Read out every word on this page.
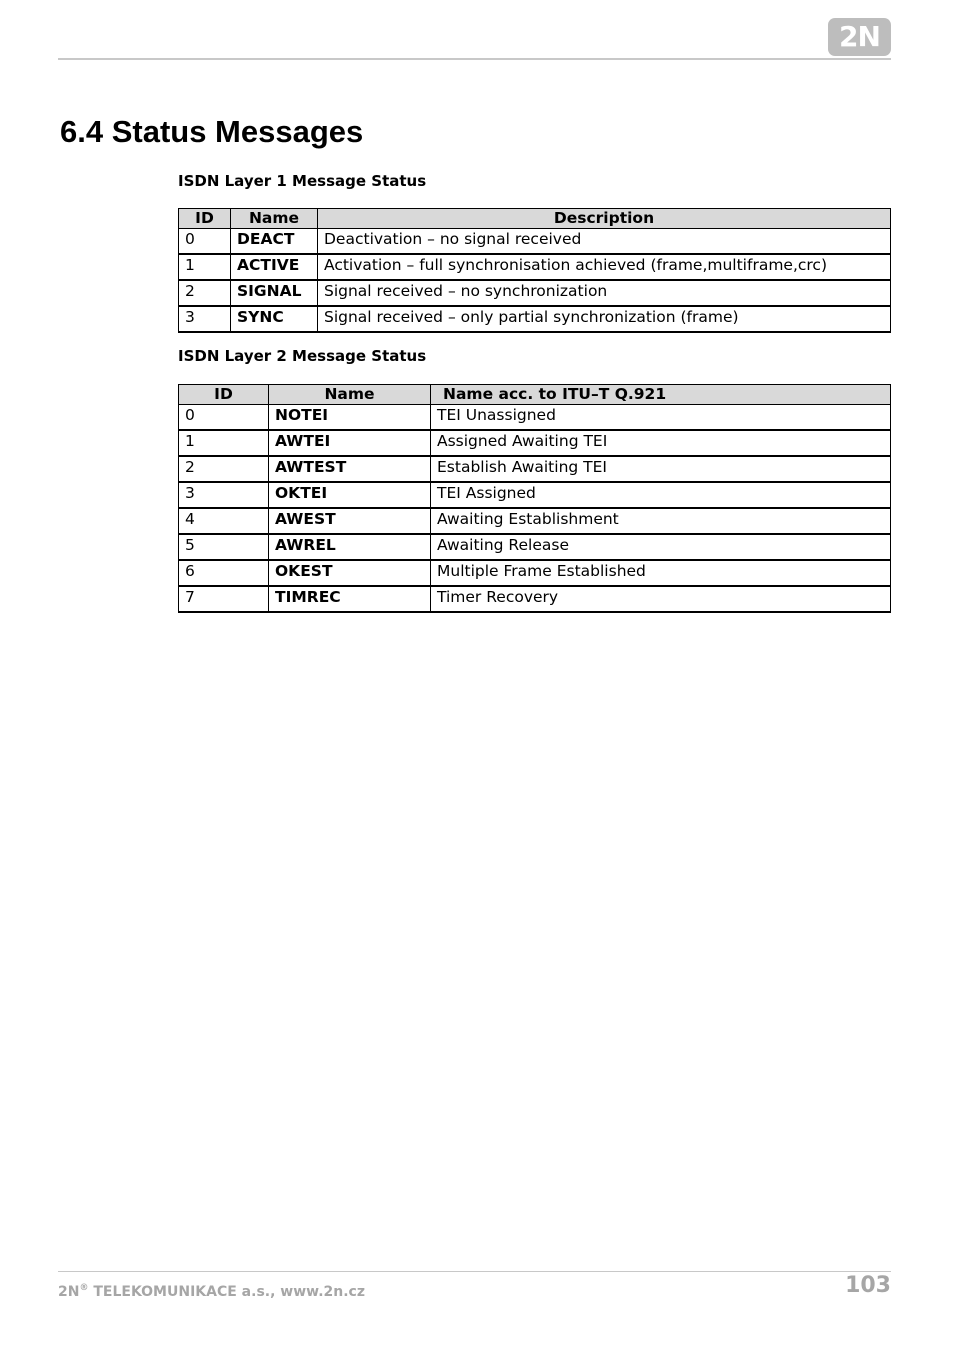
2N
6.4 Status Messages
ISDN Layer 1 Message Status
ID	Name	Description
0	DEACT	Deactivation – no signal received
1	ACTIVE	Activation – full synchronisation achieved (frame,multiframe,crc)
2	SIGNAL	Signal received – no synchronization
3	SYNC	Signal received – only partial synchronization (frame)
ISDN Layer 2 Message Status
ID	Name	Name acc. to ITU–T Q.921
0	NOTEI	TEI Unassigned
1	AWTEI	Assigned Awaiting TEI
2	AWTEST	Establish Awaiting TEI
3	OKTEI	TEI Assigned
4	AWEST	Awaiting Establishment
5	AWREL	Awaiting Release
6	OKEST	Multiple Frame Established
7	TIMREC	Timer Recovery
2N® TELEKOMUNIKACE a.s., www.2n.cz	103
